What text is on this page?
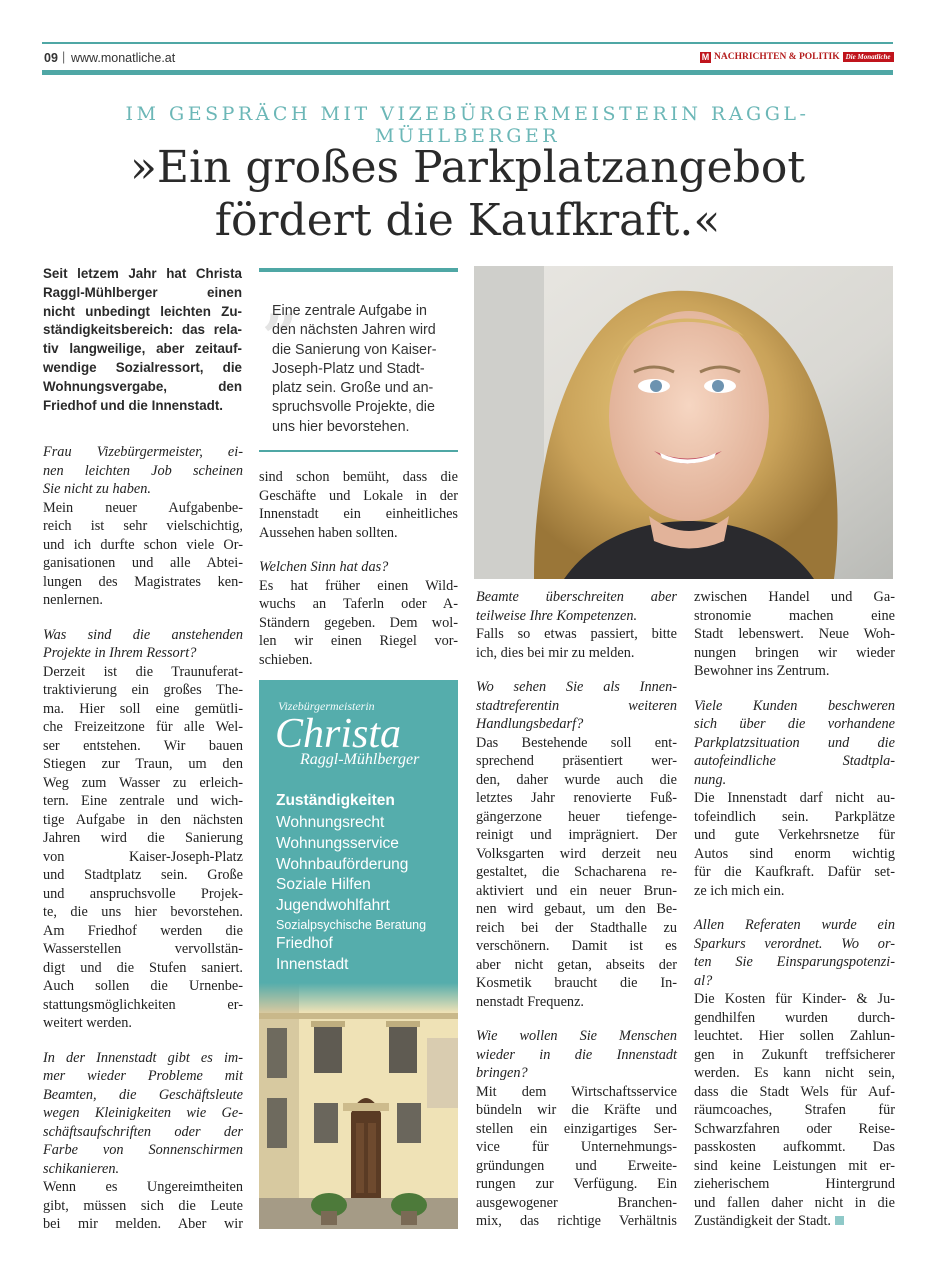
09 | www.monatliche.at	M NACHRICHTEN & POLITIK Die Monatliche
IM GESPRÄCH MIT VIZEBÜRGERMEISTERIN RAGGL-MÜHLBERGER
»Ein großes Parkplatzangebot
fördert die Kaufkraft.«
Seit letzem Jahr hat Christa
Raggl-Mühlberger einen
nicht unbedingt leichten Zu-
ständigkeitsbereich: das rela-
tiv langweilige, aber zeitauf-
wendige Sozialressort, die
Wohnungsvergabe, den
Friedhof und die Innenstadt.
„
Eine zentrale Aufgabe in
den nächsten Jahren wird
die Sanierung von Kaiser-
Joseph-Platz und Stadt-
platz sein. Große und an-
spruchsvolle Projekte, die
uns hier bevorstehen.
Vizebürgermeisterin
Christa
Raggl-Mühlberger
Zuständigkeiten
Wohnungsrecht
Wohnungsservice
Wohnbauförderung
Soziale Hilfen
Jugendwohlfahrt
Sozialpsychische Beratung
Friedhof
Innenstadt

Frau Vizebürgermeister, ei-
nen leichten Job scheinen
Sie nicht zu haben.

Mein neuer Aufgabenbe-
reich ist sehr vielschichtig,
und ich durfte schon viele Or-
ganisationen und alle Abtei-
lungen des Magistrates ken-
nenlernen.

Was sind die anstehenden
Projekte in Ihrem Ressort?

Derzeit ist die Traunuferat-
traktivierung ein großes The-
ma. Hier soll eine gemütli-
che Freizeitzone für alle Wel-
ser entstehen. Wir bauen
Stiegen zur Traun, um den
Weg zum Wasser zu erleich-
tern. Eine zentrale und wich-
tige Aufgabe in den nächsten
Jahren wird die Sanierung
von Kaiser-Joseph-Platz
und Stadtplatz sein. Große
und anspruchsvolle Projek-
te, die uns hier bevorstehen.
Am Friedhof werden die
Wasserstellen vervollstän-
digt und die Stufen saniert.
Auch sollen die Urnenbe-
stattungsmöglichkeiten er-
weitert werden.

In der Innenstadt gibt es im-
mer wieder Probleme mit
Beamten, die Geschäftsleute
wegen Kleinigkeiten wie Ge-
schäftsaufschriften oder der
Farbe von Sonnenschirmen
schikanieren.

Wenn es Ungereimtheiten
gibt, müssen sich die Leute
bei mir melden. Aber wir

sind schon bemüht, dass die
Geschäfte und Lokale in der
Innenstadt ein einheitliches
Aussehen haben sollten.

Welchen Sinn hat das?

Es hat früher einen Wild-
wuchs an Taferln oder A-
Ständern gegeben. Dem wol-
len wir einen Riegel vor-
schieben.

Beamte überschreiten aber
teilweise Ihre Kompetenzen.

Falls so etwas passiert, bitte
ich, dies bei mir zu melden.

Wo sehen Sie als Innen-
stadtreferentin weiteren
Handlungsbedarf?

Das Bestehende soll ent-
sprechend präsentiert wer-
den, daher wurde auch die
letztes Jahr renovierte Fuß-
gängerzone heuer tiefenge-
reinigt und imprägniert. Der
Volksgarten wird derzeit neu
gestaltet, die Schacharena re-
aktiviert und ein neuer Brun-
nen wird gebaut, um den Be-
reich bei der Stadthalle zu
verschönern. Damit ist es
aber nicht getan, abseits der
Kosmetik braucht die In-
nenstadt Frequenz.

Wie wollen Sie Menschen
wieder in die Innenstadt
bringen?

Mit dem Wirtschaftsservice
bündeln wir die Kräfte und
stellen ein einzigartiges Ser-
vice für Unternehmungs-
gründungen und Erweite-
rungen zur Verfügung. Ein
ausgewogener Branchen-
mix, das richtige Verhältnis

zwischen Handel und Ga-
stronomie machen eine
Stadt lebenswert. Neue Woh-
nungen bringen wir wieder
Bewohner ins Zentrum.

Viele Kunden beschweren
sich über die vorhandene
Parkplatzsituation und die
autofeindliche Stadtpla-
nung.

Die Innenstadt darf nicht au-
tofeindlich sein. Parkplätze
und gute Verkehrsnetze für
Autos sind enorm wichtig
für die Kaufkraft. Dafür set-
ze ich mich ein.

Allen Referaten wurde ein
Sparkurs verordnet. Wo or-
ten Sie Einsparungspotenzi-
al?

Die Kosten für Kinder- & Ju-
gendhilfen wurden durch-
leuchtet. Hier sollen Zahlun-
gen in Zukunft treffsicherer
werden. Es kann nicht sein,
dass die Stadt Wels für Auf-
räumcoaches, Strafen für
Schwarzfahren oder Reise-
passkosten aufkommt. Das
sind keine Leistungen mit er-
zieherischem Hintergrund
und fallen daher nicht in die
Zuständigkeit der Stadt.
